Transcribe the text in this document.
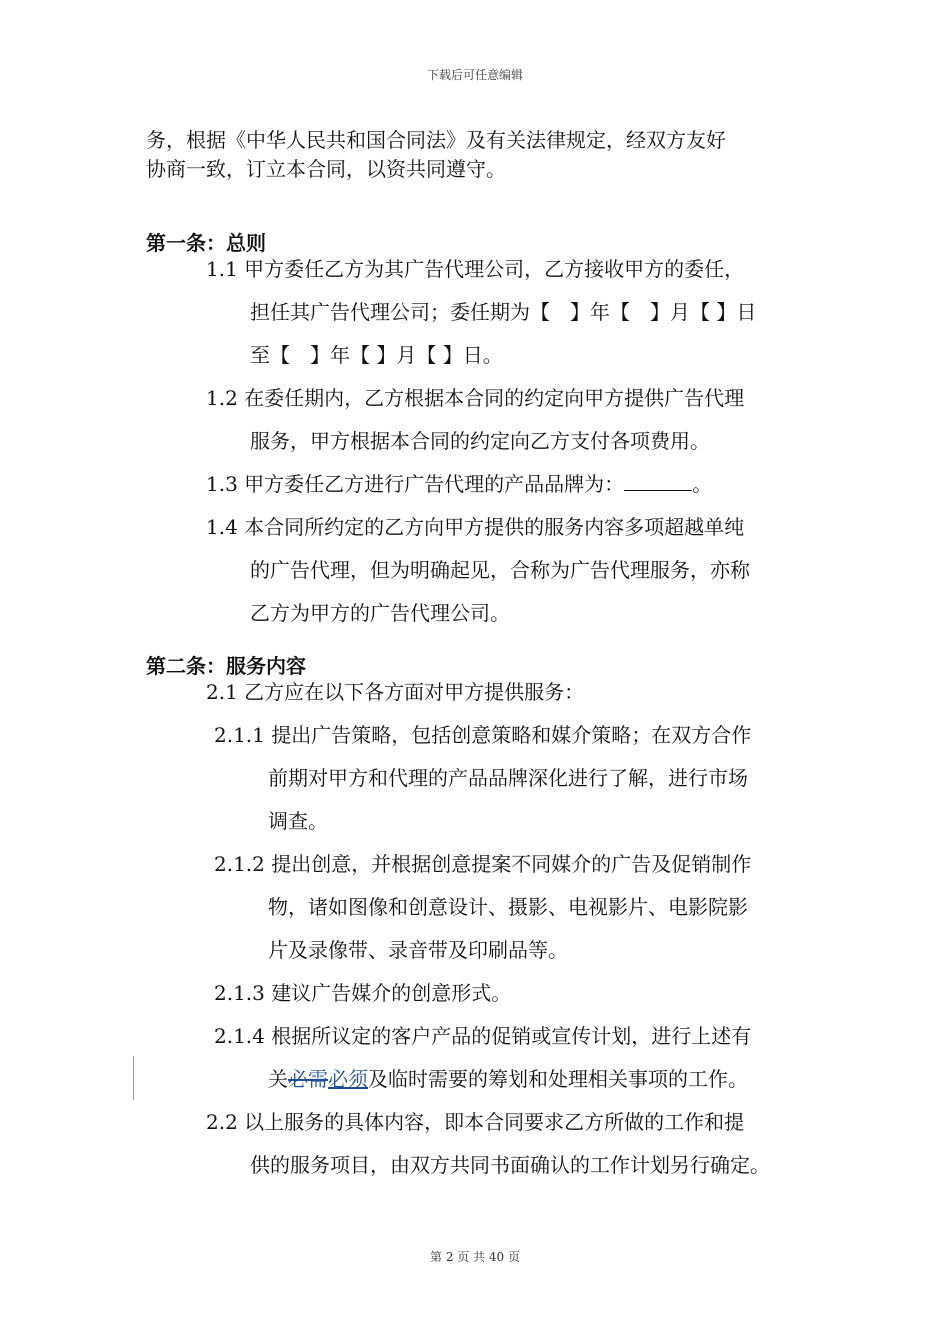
下载后可任意编辑
务，根据《中华人民共和国合同法》及有关法律规定，经双方友好
协商一致，订立本合同，以资共同遵守。
第一条：总则
1.1 甲方委任乙方为其广告代理公司，乙方接收甲方的委任，
担任其广告代理公司；委任期为【　】年【　】月【 】日
至【　】年【 】月【 】日。
1.2 在委任期内，乙方根据本合同的约定向甲方提供广告代理
服务，甲方根据本合同的约定向乙方支付各项费用。
1.3 甲方委任乙方进行广告代理的产品品牌为：	。
1.4 本合同所约定的乙方向甲方提供的服务内容多项超越单纯
的广告代理，但为明确起见，合称为广告代理服务，亦称
乙方为甲方的广告代理公司。
第二条：服务内容
2.1 乙方应在以下各方面对甲方提供服务：
2.1.1 提出广告策略，包括创意策略和媒介策略；在双方合作
前期对甲方和代理的产品品牌深化进行了解，进行市场
调查。
2.1.2 提出创意，并根据创意提案不同媒介的广告及促销制作
物，诸如图像和创意设计、摄影、电视影片、电影院影
片及录像带、录音带及印刷品等。
2.1.3 建议广告媒介的创意形式。
2.1.4 根据所议定的客户产品的促销或宣传计划，进行上述有
关必需必须及临时需要的筹划和处理相关事项的工作。
2.2 以上服务的具体内容，即本合同要求乙方所做的工作和提
供的服务项目，由双方共同书面确认的工作计划另行确定。
第 2 页 共 40 页
